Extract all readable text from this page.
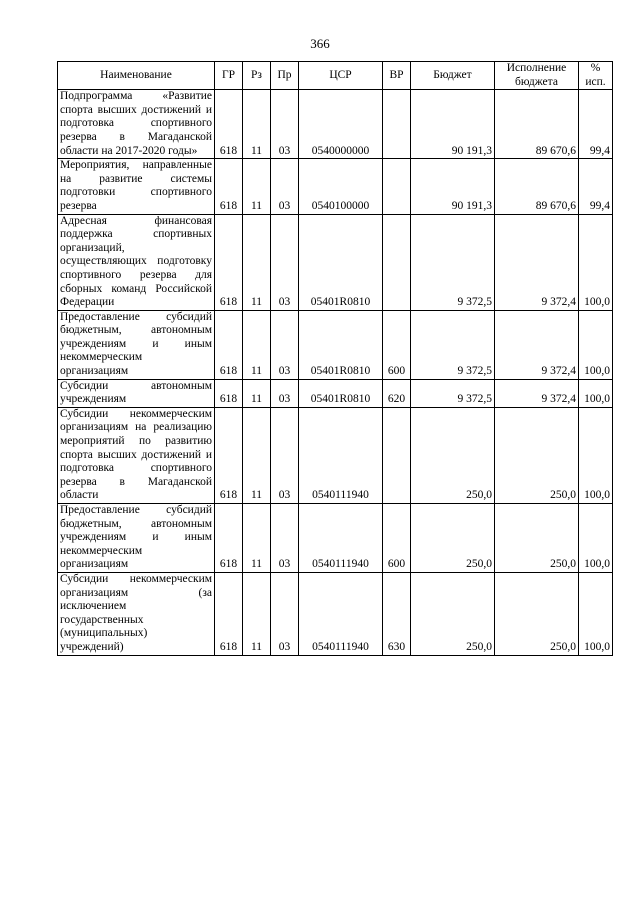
366
Наименование	ГР	Рз	Пр	ЦСР	ВР	Бюджет	Исполнение бюджета	% исп.
Подпрограмма «Развитие спорта высших достижений и подготовка спортивного резерва в Магаданской области на 2017-2020 годы»	618	11	03	0540000000		90 191,3	89 670,6	99,4
Мероприятия, направленные на развитие системы подготовки спортивного резерва	618	11	03	0540100000		90 191,3	89 670,6	99,4
Адресная финансовая поддержка спортивных организаций, осуществляющих подготовку спортивного резерва для сборных команд Российской Федерации	618	11	03	05401R0810		9 372,5	9 372,4	100,0
Предоставление субсидий бюджетным, автономным учреждениям и иным некоммерческим организациям	618	11	03	05401R0810	600	9 372,5	9 372,4	100,0
Субсидии автономным учреждениям	618	11	03	05401R0810	620	9 372,5	9 372,4	100,0
Субсидии некоммерческим организациям на реализацию мероприятий по развитию спорта высших достижений и подготовка спортивного резерва в Магаданской области	618	11	03	0540111940		250,0	250,0	100,0
Предоставление субсидий бюджетным, автономным учреждениям и иным некоммерческим организациям	618	11	03	0540111940	600	250,0	250,0	100,0
Субсидии некоммерческим организациям (за исключением государственных (муниципальных) учреждений)	618	11	03	0540111940	630	250,0	250,0	100,0
